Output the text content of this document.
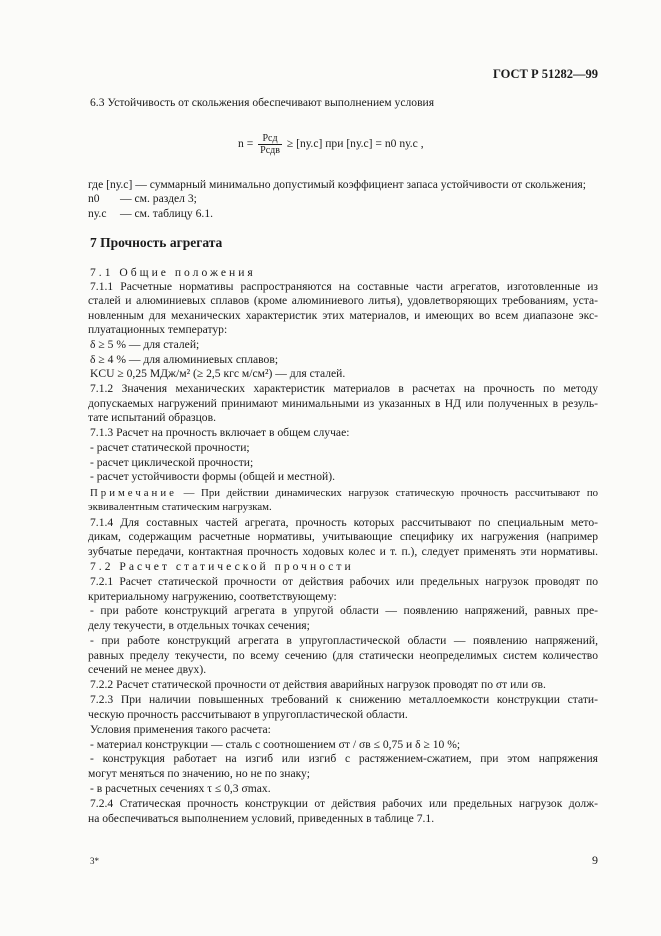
ГОСТ Р 51282—99
6.3 Устойчивость от скольжения обеспечивают выполнением условия
$n = \frac{\text{Pсд}}{\text{Pсдв}} \ge [nу.с]$ при [nу.с] = n0 nу.с ,
где [nу.с] — суммарный минимально допустимый коэффициент запаса устойчивости от скольжения;
n0 — см. раздел 3;
nу.с — см. таблицу 6.1.
7 Прочность агрегата
7.1 Общие положения
7.1.1 Расчетные нормативы распространяются на составные части агрегатов, изготовленные из
сталей и алюминиевых сплавов (кроме алюминиевого литья), удовлетворяющих требованиям, уста-
новленным для механических характеристик этих материалов, и имеющих во всем диапазоне экс-
плуатационных температур:
δ ≥ 5 % — для сталей;
δ ≥ 4 % — для алюминиевых сплавов;
KCU ≥ 0,25 МДж/м² (≥ 2,5 кгс м/см²) — для сталей.
7.1.2 Значения механических характеристик материалов в расчетах на прочность по методу
допускаемых нагружений принимают минимальными из указанных в НД или полученных в резуль-
тате испытаний образцов.
7.1.3 Расчет на прочность включает в общем случае:
- расчет статической прочности;
- расчет циклической прочности;
- расчет устойчивости формы (общей и местной).
Примечание — При действии динамических нагрузок статическую прочность рассчитывают по
эквивалентным статическим нагрузкам.
7.1.4 Для составных частей агрегата, прочность которых рассчитывают по специальным мето-
дикам, содержащим расчетные нормативы, учитывающие специфику их нагружения (например
зубчатые передачи, контактная прочность ходовых колес и т. п.), следует применять эти нормативы.
7.2 Расчет статической прочности
7.2.1 Расчет статической прочности от действия рабочих или предельных нагрузок проводят по
критериальному нагружению, соответствующему:
- при работе конструкций агрегата в упругой области — появлению напряжений, равных пре-
делу текучести, в отдельных точках сечения;
- при работе конструкций агрегата в упругопластической области — появлению напряжений,
равных пределу текучести, по всему сечению (для статически неопределимых систем количество
сечений не менее двух).
7.2.2 Расчет статической прочности от действия аварийных нагрузок проводят по σт или σв.
7.2.3 При наличии повышенных требований к снижению металлоемкости конструкции стати-
ческую прочность рассчитывают в упругопластической области.
Условия применения такого расчета:
- материал конструкции — сталь с соотношением σт / σв ≤ 0,75 и δ ≥ 10 %;
- конструкция работает на изгиб или изгиб с растяжением-сжатием, при этом напряжения
могут меняться по значению, но не по знаку;
- в расчетных сечениях τ ≤ 0,3 σmax.
7.2.4 Статическая прочность конструкции от действия рабочих или предельных нагрузок долж-
на обеспечиваться выполнением условий, приведенных в таблице 7.1.
3*	9
